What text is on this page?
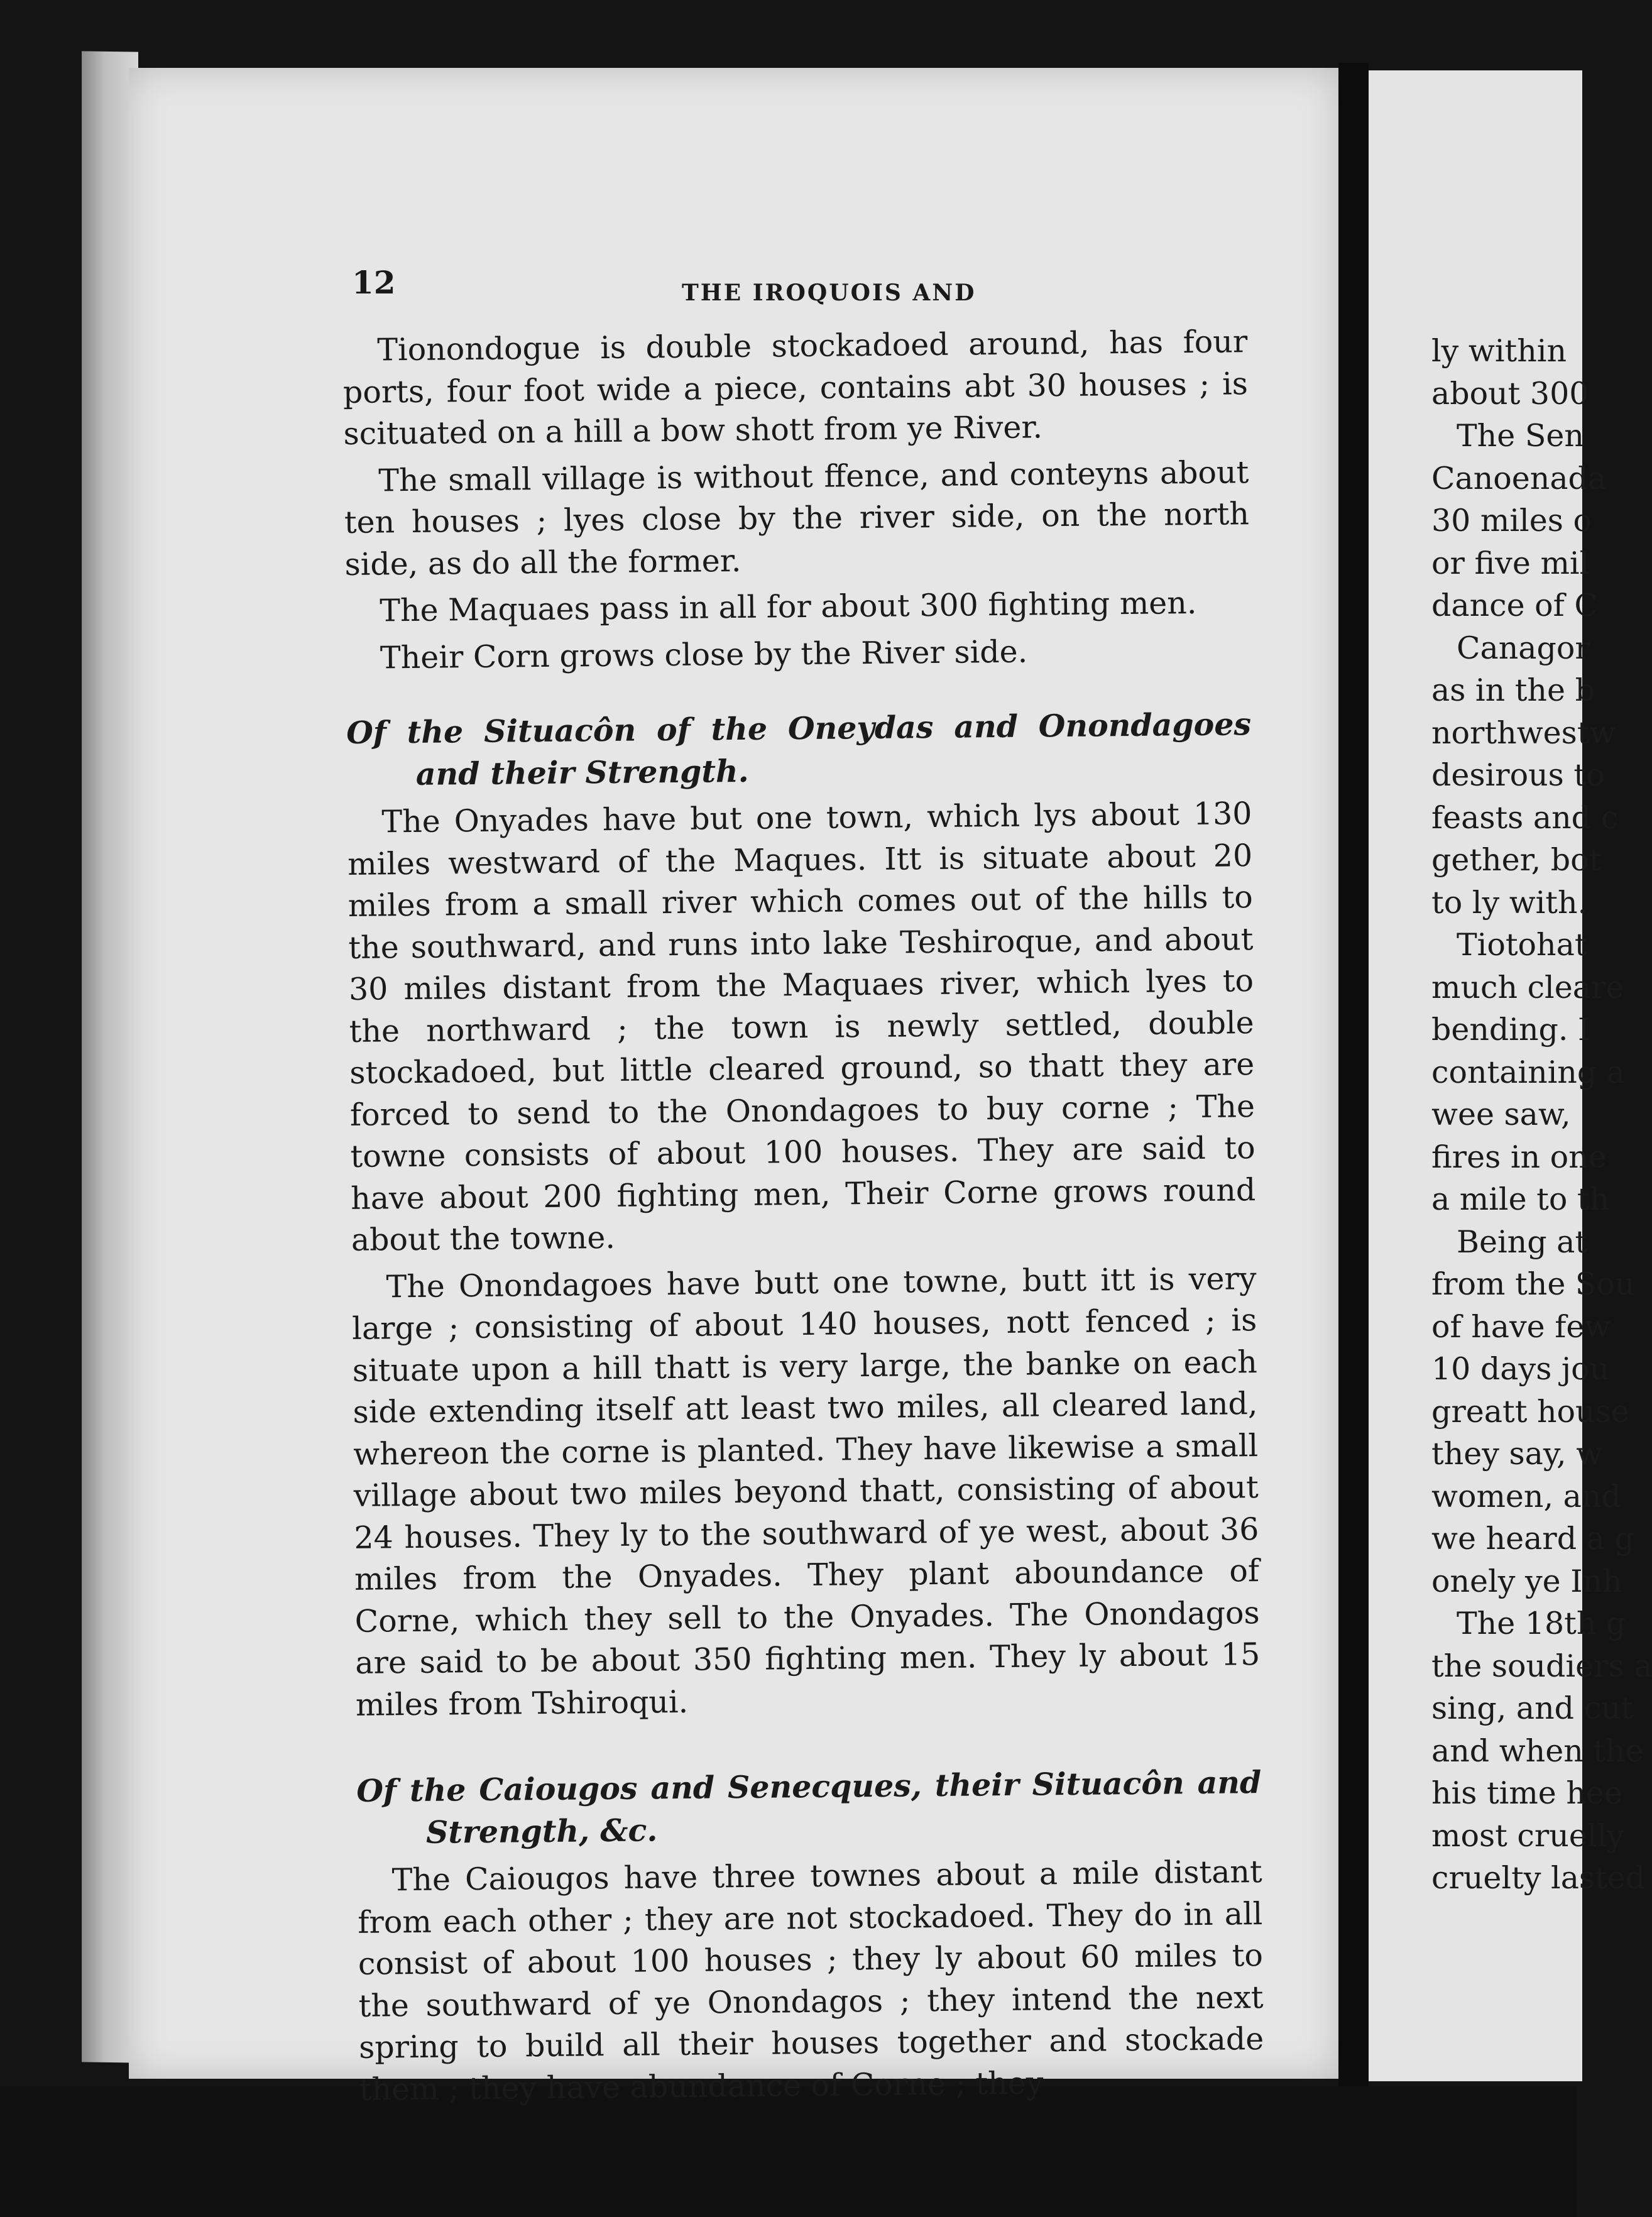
12	THE IROQUOIS AND

Tionondogue is double stockadoed around, has four ports, four foot wide a piece, contains abt 30 houses ; is scituated on a hill a bow shott from ye River.

The small village is without ffence, and conteyns about ten houses ; lyes close by the river side, on the north side, as do all the former.

The Maquaes pass in all for about 300 fighting men.

Their Corn grows close by the River side.

Of the Situacôn of the Oneydas and Onondagoes and their Strength.

The Onyades have but one town, which lys about 130 miles westward of the Maques. Itt is situate about 20 miles from a small river which comes out of the hills to the southward, and runs into lake Teshiroque, and about 30 miles distant from the Maquaes river, which lyes to the northward ; the town is newly settled, double stockadoed, but little cleared ground, so thatt they are forced to send to the Onondagoes to buy corne ; The towne consists of about 100 houses. They are said to have about 200 fighting men, Their Corne grows round about the towne.

The Onondagoes have butt one towne, butt itt is very large ; consisting of about 140 houses, nott fenced ; is situate upon a hill thatt is very large, the banke on each side extending itself att least two miles, all cleared land, whereon the corne is planted. They have likewise a small village about two miles beyond thatt, consisting of about 24 houses. They ly to the southward of ye west, about 36 miles from the Onyades. They plant aboundance of Corne, which they sell to the Onyades. The Onondagos are said to be about 350 fighting men. They ly about 15 miles from Tshiroqui.

Of the Caiougos and Senecques, their Situacôn and Strength, &c.

The Caiougos have three townes about a mile distant from each other ; they are not stockadoed. They do in all consist of about 100 houses ; they ly about 60 miles to the southward of ye Onondagos ; they intend the next spring to build all their houses together and stockade them ; they have abundance of Corne ; they

ly within
about 300
The Sen
Canoenada
30 miles o
or five mil
dance of C
Canagor
as in the b
northwestw
desirous to
feasts and c
gether, bot
to ly with.
Tiotohat
much cleare
bending. I
containing a
wee saw,
fires in one
a mile to th
Being at
from the Sou
of have few
10 days jou
greatt house
they say, w
women, and
we heard a g
onely ye Inh
The 18th g
the soudiers a
sing, and cut
and when the
his time hee
most cruelly
cruelty lasted
